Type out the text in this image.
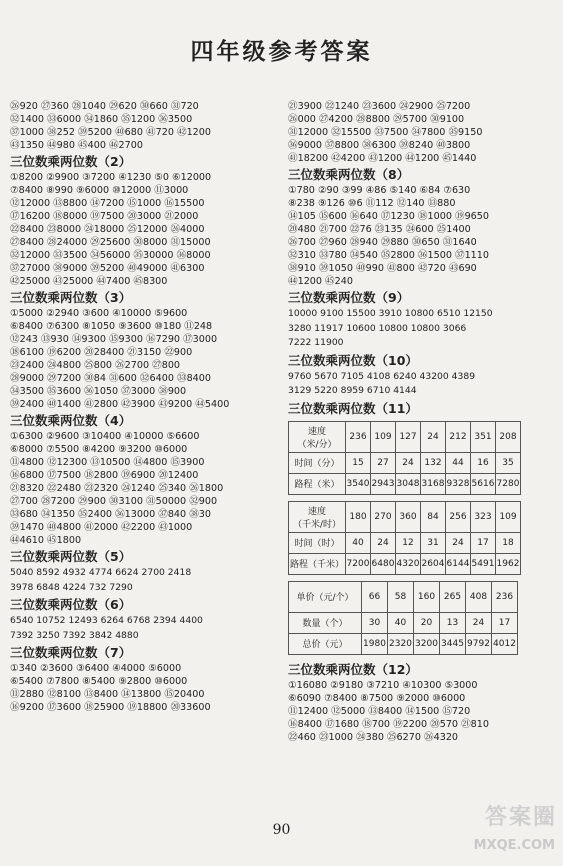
四年级参考答案
㉖920 ㉗360 ㉘1040 ㉙620 ㉚660 ㉛720
㉜1400 ㉝6000 ㉞1860 ㉟1200 ㊱3500
㊲1000 ㊳252 ㊴5200 ㊵680 ㊶720 ㊷1200
㊸1350 ㊹980 ㊺400 ㊻2700
三位数乘两位数（2）
①8200 ②9900 ③7200 ④1230 ⑤0 ⑥12000
⑦8400 ⑧990 ⑨6000 ⑩12000 ⑪3000
⑫12000 ⑬8800 ⑭7200 ⑮1000 ⑯15500
⑰16200 ⑱8000 ⑲7500 ⑳3000 ㉑2000
㉒8400 ㉓8000 ㉔18000 ㉕12000 ㉖4000
㉗8400 ㉘24000 ㉙25600 ㉚8000 ㉛15000
㉜12000 ㉝3500 ㉞56000 ㉟30000 ㊱8000
㊲27000 ㊳9000 ㊴5200 ㊵49000 ㊶6300
㊷25000 ㊸25000 ㊹7400 ㊺8300
三位数乘两位数（3）
①5000 ②2940 ③600 ④10000 ⑤9600
⑥8400 ⑦6300 ⑧1050 ⑨3600 ⑩180 ⑪248
⑫243 ⑬930 ⑭9300 ⑮9300 ⑯7290 ⑰3000
⑱6100 ⑲6200 ⑳28400 ㉑3150 ㉒900
㉓2400 ㉔4800 ㉕800 ㉖2700 ㉗800
㉘9000 ㉙7200 ㉚84 ㉛600 ㉜6400 ㉝8400
㉞3500 ㉟3600 ㊱1050 ㊲3000 ㊳900
㊴2400 ㊵1400 ㊶2800 ㊷3900 ㊸9200 ㊹5400
三位数乘两位数（4）
①6300 ②9600 ③10400 ④10000 ⑤6600
⑥8000 ⑦5500 ⑧4200 ⑨3200 ⑩6000
⑪4800 ⑫12300 ⑬10500 ⑭4800 ⑮3900
⑯6800 ⑰7500 ⑱2800 ⑲6900 ⑳12400
㉑8320 ㉒2480 ㉓2320 ㉔1240 ㉕340 ㉖1800
㉗700 ㉘7200 ㉙900 ㉚3100 ㉛50000 ㉜900
㉝680 ㉞1350 ㉟2400 ㊱13000 ㊲840 ㊳30
㊴1470 ㊵4800 ㊶2000 ㊷2200 ㊸1000
㊹4610 ㊺1800
三位数乘两位数（5）
5040 8592 4932 4774 6624 2700 2418
3978 6848 4224 732 7290
三位数乘两位数（6）
6540 10752 12493 6264 6768 2394 4400
7392 3250 7392 3842 4880
三位数乘两位数（7）
①340 ②3600 ③6400 ④4000 ⑤6000
⑥5400 ⑦7800 ⑧5400 ⑨2800 ⑩6000
⑪2880 ⑫8100 ⑬8400 ⑭13800 ⑮20400
⑯9200 ⑰3600 ⑱25900 ⑲18800 ⑳33600
㉑3900 ㉒1240 ㉓3600 ㉔2900 ㉕7200
㉖000 ㉗4200 ㉘8800 ㉙5700 ㉚9100
㉛12000 ㉜15500 ㉝7500 ㉞7800 ㉟9150
㊱9000 ㊲8800 ㊳6300 ㊴8240 ㊵3800
㊶18200 ㊷4200 ㊸1200 ㊹1200 ㊺1440
三位数乘两位数（8）
①780 ②90 ③99 ④86 ⑤140 ⑥84 ⑦630
⑧238 ⑨126 ⑩6 ⑪112 ⑫140 ⑬880
⑭105 ⑮600 ⑯640 ⑰1230 ⑱1000 ⑲9650
⑳480 ㉑700 ㉒76 ㉓135 ㉔600 ㉕1400
㉖700 ㉗960 ㉘940 ㉙880 ㉚650 ㉛1640
㉜310 ㉝780 ㉞540 ㉟2800 ㊱1500 ㊲1110
㊳910 ㊴1050 ㊵990 ㊶800 ㊷720 ㊸690
㊹1200 ㊺240
三位数乘两位数（9）
10000 9100 15500 3910 10800 6510 12150
3280 11917 10600 10800 10800 3066
7222 11900
三位数乘两位数（10）
9760 5670 7105 4108 6240 43200 4389
3129 5220 8959 6710 4144
三位数乘两位数（11）
速度
（米/分）	236	109	127	24	212	351	208
时间（分）	15	27	24	132	44	16	35
路程（米）	3540	2943	3048	3168	9328	5616	7280
速度
（千米/时）	180	270	360	84	256	323	109
时间（时）	40	24	12	31	24	17	18
路程（千米）	7200	6480	4320	2604	6144	5491	1962
单价（元/个）	66	58	160	265	408	236
数量（个）	30	40	20	13	24	17
总价（元）	1980	2320	3200	3445	9792	4012
三位数乘两位数（12）
①16080 ②9180 ③7210 ④10300 ⑤3000
⑥6090 ⑦8400 ⑧7500 ⑨2000 ⑩6000
⑪12400 ⑫5000 ⑬8400 ⑭1500 ⑮720
⑯8400 ⑰1680 ⑱700 ⑲2200 ⑳570 ㉑810
㉒460 ㉓1000 ㉔380 ㉕6270 ㉖4320
90	答案圈
MXQE.COM
